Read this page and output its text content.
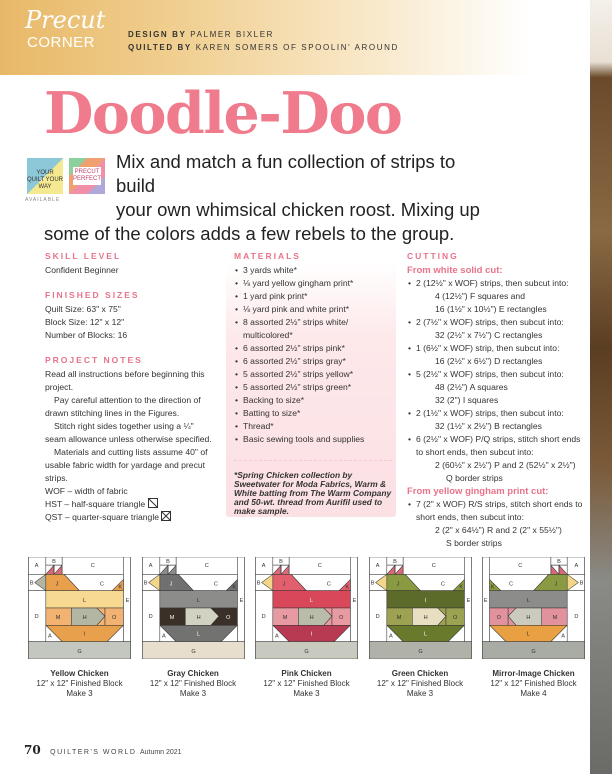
Precut
CORNER	DESIGN BY PALMER BIXLER
QUILTED BY KAREN SOMERS OF SPOOLIN' AROUND
Doodle-Doo
YOUR QUILT YOUR WAY
PRECUT PERFECT
AVAILABLE
Mix and match a fun collection of strips to build
your own whimsical chicken roost. Mixing up
some of the colors adds a few rebels to the group.
SKILL LEVEL
Confident Beginner
FINISHED SIZES
Quilt Size: 63" x 75"
Block Size: 12" x 12"
Number of Blocks: 16
PROJECT NOTES
Read all instructions before beginning this project.
Pay careful attention to the direction of drawn stitching lines in the Figures.
Stitch right sides together using a ¼" seam allowance unless otherwise specified.
Materials and cutting lists assume 40" of usable fabric width for yardage and precut strips.
WOF – width of fabric
HST – half-square triangle
QST – quarter-square triangle
MATERIALS
• 3 yards white*
• ⅛ yard yellow gingham print*
• 1 yard pink print*
• ⅛ yard pink and white print*
• 8 assorted 2½" strips white/ multicolored*
• 6 assorted 2½" strips pink*
• 6 assorted 2½" strips gray*
• 5 assorted 2½" strips yellow*
• 5 assorted 2½" strips green*
• Backing to size*
• Batting to size*
• Thread*
• Basic sewing tools and supplies
*Spring Chicken collection by Sweetwater for Moda Fabrics, Warm & White batting from The Warm Company and 50-wt. thread from Aurifil used to make sample.
CUTTING
From white solid cut:
• 2 (12½" x WOF) strips, then subcut into:
4 (12½") F squares and
16 (1½" x 10½") E rectangles
• 2 (7½" x WOF) strips, then subcut into:
32 (2½" x 7½") C rectangles
• 1 (6½" x WOF) strip, then subcut into:
16 (2½" x 6½") D rectangles
• 5 (2½" x WOF) strips, then subcut into:
48 (2½") A squares
32 (2") I squares
• 2 (1½" x WOF) strips, then subcut into:
32 (1½" x 2½") B rectangles
• 6 (2½" x WOF) P/Q strips, stitch short ends to short ends, then subcut into:
2 (60½" x 2½") P and 2 (52½" x 2½")
Q border strips
From yellow gingham print cut:
• 7 (2" x WOF) R/S strips, stitch short ends to short ends, then subcut into:
2 (2" x 64½") R and 2 (2" x 55½")
S border strips
A
B
C
B	J	C
K
L	E
D	M	H	O
I
A
G
Yellow Chicken
12" x 12" Finished Block
Make 3
A
B
C
B	J	C
K
L	E
D	M	H	O
L
A
G
Gray Chicken
12" x 12" Finished Block
Make 3
A
B
C
B	J	C
K
L	E
D	M	H	O
I
A
G
Pink Chicken
12" x 12" Finished Block
Make 3
A
B
C
B	J	C
K
I	E
D	M	H	O
L
A
G
Green Chicken
12" x 12" Finished Block
Make 3
A
B
C
B
J
C
K
L
E
D
M
H
O
L	A
G
Mirror-Image Chicken
12" x 12" Finished Block
Make 4
70 QUILTER'S WORLD Autumn 2021
